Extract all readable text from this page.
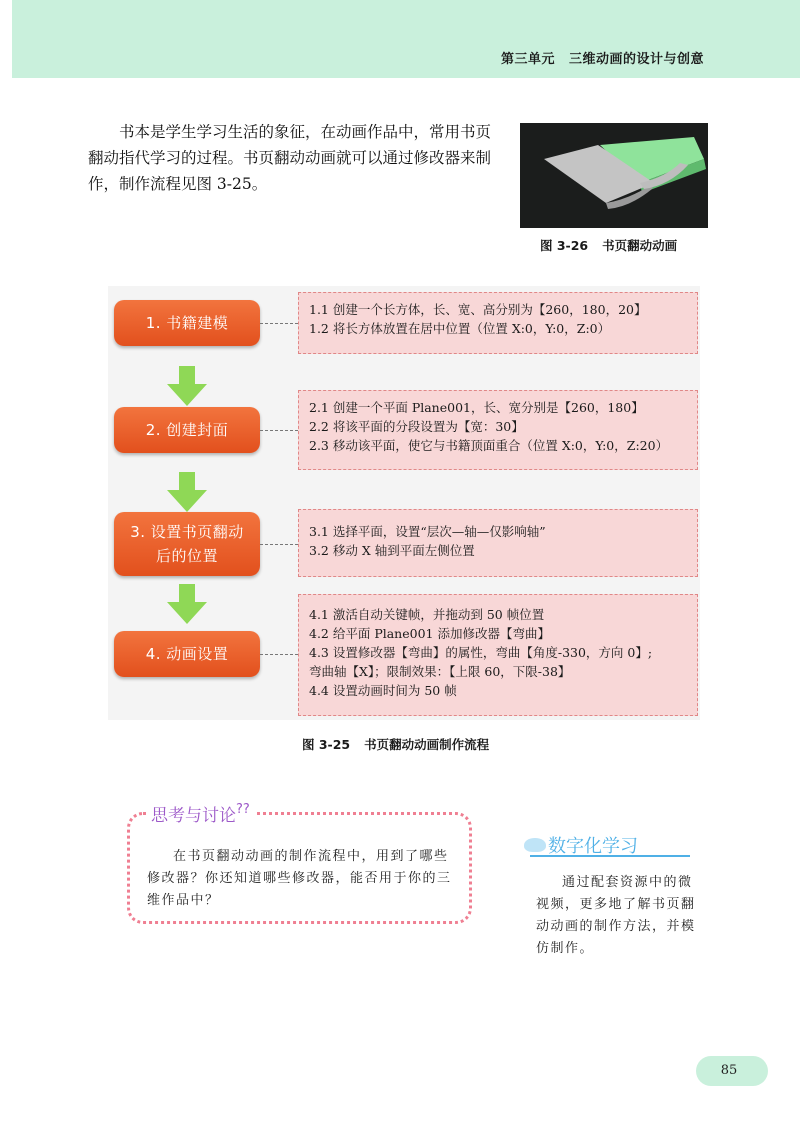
第三单元 三维动画的设计与创意

书本是学生学习生活的象征，在动画作品中，常用书页翻动指代学习的过程。书页翻动动画就可以通过修改器来制作，制作流程见图 3-25。

图 3-26 书页翻动动画
1. 书籍建模
1.1 创建一个长方体，长、宽、高分别为【260，180，20】
1.2 将长方体放置在居中位置（位置 X:0，Y:0，Z:0）
2. 创建封面
2.1 创建一个平面 Plane001，长、宽分别是【260，180】
2.2 将该平面的分段设置为【宽：30】
2.3 移动该平面，使它与书籍顶面重合（位置 X:0，Y:0，Z:20）
3. 设置书页翻动
后的位置
3.1 选择平面，设置“层次—轴—仅影响轴”
3.2 移动 X 轴到平面左侧位置
4. 动画设置
4.1 激活自动关键帧，并拖动到 50 帧位置
4.2 给平面 Plane001 添加修改器【弯曲】
4.3 设置修改器【弯曲】的属性，弯曲【角度-330，方向 0】;
弯曲轴【X】；限制效果：【上限 60，下限-38】
4.4 设置动画时间为 50 帧
图 3-25 书页翻动动画制作流程
思考与讨论??

在书页翻动动画的制作流程中，用到了哪些修改器？你还知道哪些修改器，能否用于你的三维作品中？

数字化学习

通过配套资源中的微视频，更多地了解书页翻动动画的制作方法，并模仿制作。

85
